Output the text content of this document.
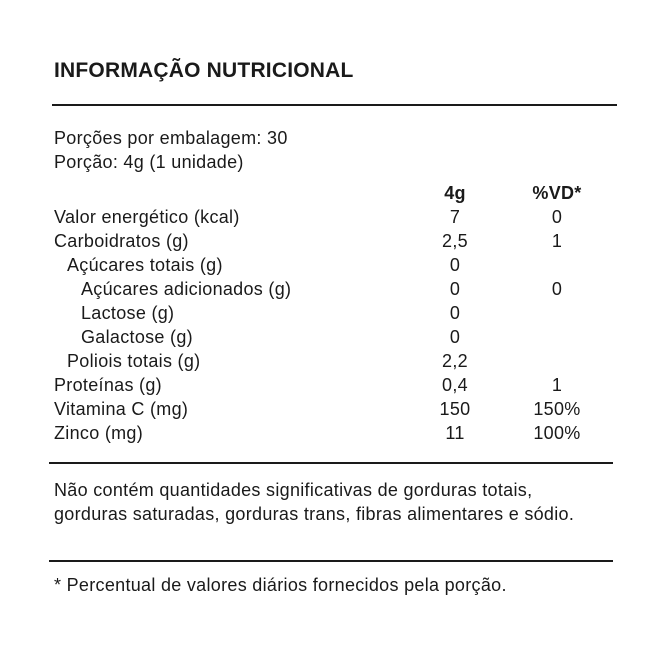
INFORMAÇÃO NUTRICIONAL
Porções por embalagem: 30
Porção: 4g (1 unidade)
4g	%VD*
Valor energético (kcal)	7	0
Carboidratos (g)	2,5	1
Açúcares totais (g)	0
Açúcares adicionados (g)	0	0
Lactose (g)	0
Galactose (g)	0
Poliois totais (g)	2,2
Proteínas (g)	0,4	1
Vitamina C (mg)	150	150%
Zinco (mg)	11	100%
Não contém quantidades significativas de gorduras totais, gorduras saturadas, gorduras trans, fibras alimentares e sódio.
* Percentual de valores diários fornecidos pela porção.
